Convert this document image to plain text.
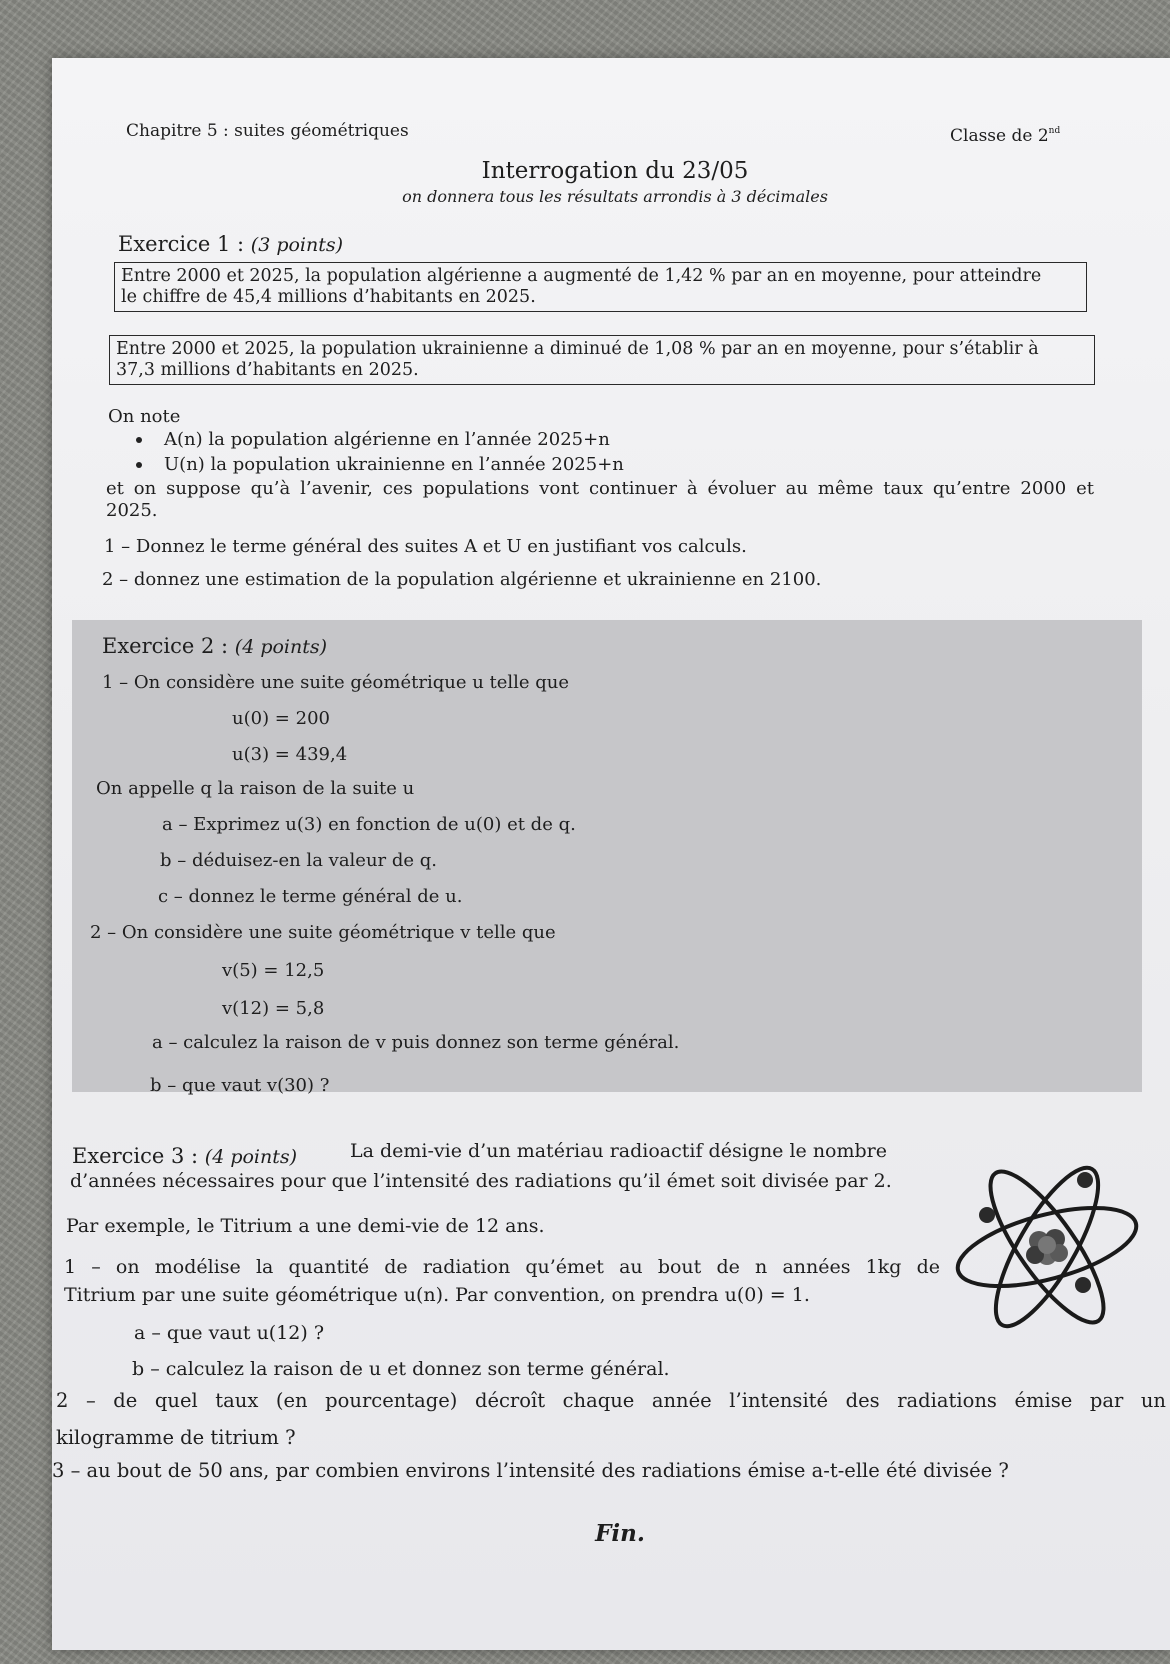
Chapitre 5 : suites géométriques	Classe de 2nd
Interrogation du 23/05
on donnera tous les résultats arrondis à 3 décimales
Exercice 1 : (3 points)
Entre 2000 et 2025, la population algérienne a augmenté de 1,42 % par an en moyenne, pour atteindre
le chiffre de 45,4 millions d’habitants en 2025.
Entre 2000 et 2025, la population ukrainienne a diminué de 1,08 % par an en moyenne, pour s’établir à
37,3 millions d’habitants en 2025.
On note
A(n) la population algérienne en l’année 2025+n
U(n) la population ukrainienne en l’année 2025+n
et on suppose qu’à l’avenir, ces populations vont continuer à évoluer au même taux qu’entre 2000 et
2025.
1 – Donnez le terme général des suites A et U en justifiant vos calculs.
2 – donnez une estimation de la population algérienne et ukrainienne en 2100.
Exercice 2 : (4 points)
1 – On considère une suite géométrique u telle que
u(0) = 200
u(3) = 439,4
On appelle q la raison de la suite u
a – Exprimez u(3) en fonction de u(0) et de q.
b – déduisez-en la valeur de q.
c – donnez le terme général de u.
2 – On considère une suite géométrique v telle que
v(5) = 12,5
v(12) = 5,8
a – calculez la raison de v puis donnez son terme général.
b – que vaut v(30) ?
Exercice 3 : (4 points)	La demi-vie d’un matériau radioactif désigne le nombre
d’années nécessaires pour que l’intensité des radiations qu’il émet soit divisée par 2.
Par exemple, le Titrium a une demi-vie de 12 ans.
1 – on modélise la quantité de radiation qu’émet au bout de n années 1kg de
Titrium par une suite géométrique u(n). Par convention, on prendra u(0) = 1.
a – que vaut u(12) ?
b – calculez la raison de u et donnez son terme général.
2 – de quel taux (en pourcentage) décroît chaque année l’intensité des radiations émise par un
kilogramme de titrium ?
3 – au bout de 50 ans, par combien environs l’intensité des radiations émise a-t-elle été divisée ?
Fin.
